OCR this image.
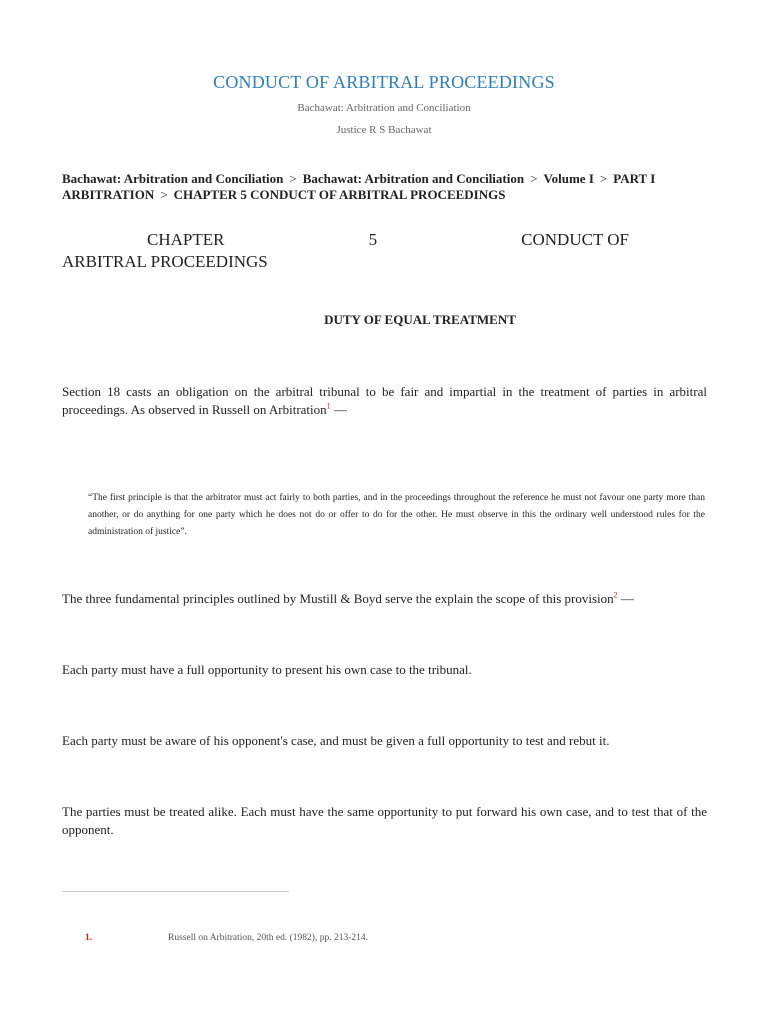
CONDUCT OF ARBITRAL PROCEEDINGS
Bachawat: Arbitration and Conciliation
Justice R S Bachawat
Bachawat: Arbitration and Conciliation > Bachawat: Arbitration and Conciliation > Volume I > PART I ARBITRATION > CHAPTER 5 CONDUCT OF ARBITRAL PROCEEDINGS
CHAPTER	5	CONDUCT OF
ARBITRAL PROCEEDINGS
DUTY OF EQUAL TREATMENT
Section 18 casts an obligation on the arbitral tribunal to be fair and impartial in the treatment of parties in arbitral proceedings. As observed in Russell on Arbitration$^1$ —
“The first principle is that the arbitrator must act fairly to both parties, and in the proceedings throughout the reference he must not favour one party more than another, or do anything for one party which he does not do or offer to do for the other. He must observe in this the ordinary well understood rules for the administration of justice”.
The three fundamental principles outlined by Mustill & Boyd serve the explain the scope of this provision$^2$ —
Each party must have a full opportunity to present his own case to the tribunal.
Each party must be aware of his opponent's case, and must be given a full opportunity to test and rebut it.
The parties must be treated alike. Each must have the same opportunity to put forward his own case, and to test that of the opponent.
1.	Russell on Arbitration, 20th ed. (1982), pp. 213-214.
